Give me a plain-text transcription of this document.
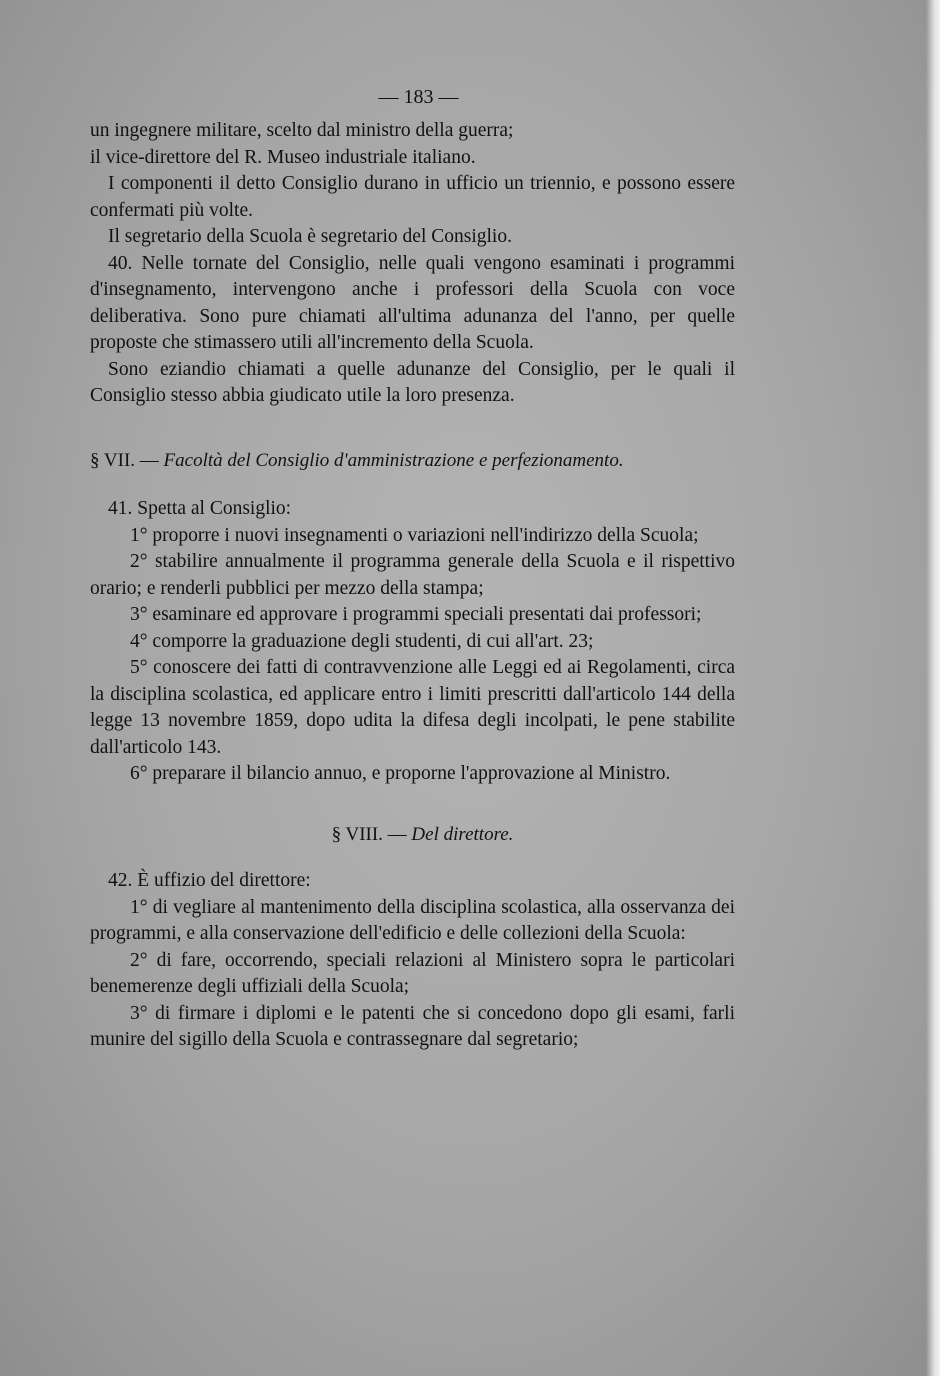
— 183 —

un ingegnere militare, scelto dal ministro della guerra;

il vice-direttore del R. Museo industriale italiano.

I componenti il detto Consiglio durano in ufficio un triennio, e possono essere confermati più volte.

Il segretario della Scuola è segretario del Consiglio.

40. Nelle tornate del Consiglio, nelle quali vengono esaminati i programmi d'insegnamento, intervengono anche i professori della Scuola con voce deliberativa. Sono pure chiamati all'ultima adunanza del l'anno, per quelle proposte che stimassero utili all'incremento della Scuola.

Sono eziandio chiamati a quelle adunanze del Consiglio, per le quali il Consiglio stesso abbia giudicato utile la loro presenza.

§ VII. — Facoltà del Consiglio d'amministrazione e perfezionamento.

41. Spetta al Consiglio:

1° proporre i nuovi insegnamenti o variazioni nell'indirizzo della Scuola;

2° stabilire annualmente il programma generale della Scuola e il rispettivo orario; e renderli pubblici per mezzo della stampa;

3° esaminare ed approvare i programmi speciali presentati dai professori;

4° comporre la graduazione degli studenti, di cui all'art. 23;

5° conoscere dei fatti di contravvenzione alle Leggi ed ai Regolamenti, circa la disciplina scolastica, ed applicare entro i limiti prescritti dall'articolo 144 della legge 13 novembre 1859, dopo udita la difesa degli incolpati, le pene stabilite dall'articolo 143.

6° preparare il bilancio annuo, e proporne l'approvazione al Ministro.

§ VIII. — Del direttore.

42. È uffizio del direttore:

1° di vegliare al mantenimento della disciplina scolastica, alla osservanza dei programmi, e alla conservazione dell'edificio e delle collezioni della Scuola:

2° di fare, occorrendo, speciali relazioni al Ministero sopra le particolari benemerenze degli uffiziali della Scuola;

3° di firmare i diplomi e le patenti che si concedono dopo gli esami, farli munire del sigillo della Scuola e contrassegnare dal segretario;
